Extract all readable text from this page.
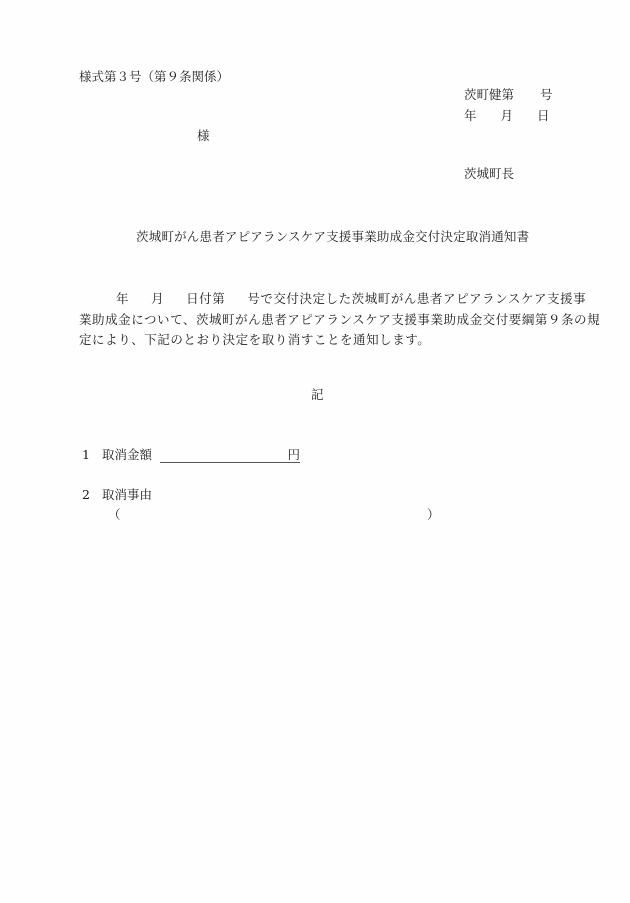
様式第３号（第９条関係）
茨町健第 号
年 月 日
様
茨城町長
茨城町がん患者アピアランスケア支援事業助成金交付決定取消通知書
年 月 日付第 号で交付決定した茨城町がん患者アピアランスケア支援事
業助成金について、茨城町がん患者アピアランスケア支援事業助成金交付要綱第９条の規
定により、下記のとおり決定を取り消すことを通知します。
記
1 取消金額	円
2 取消事由
（	）
